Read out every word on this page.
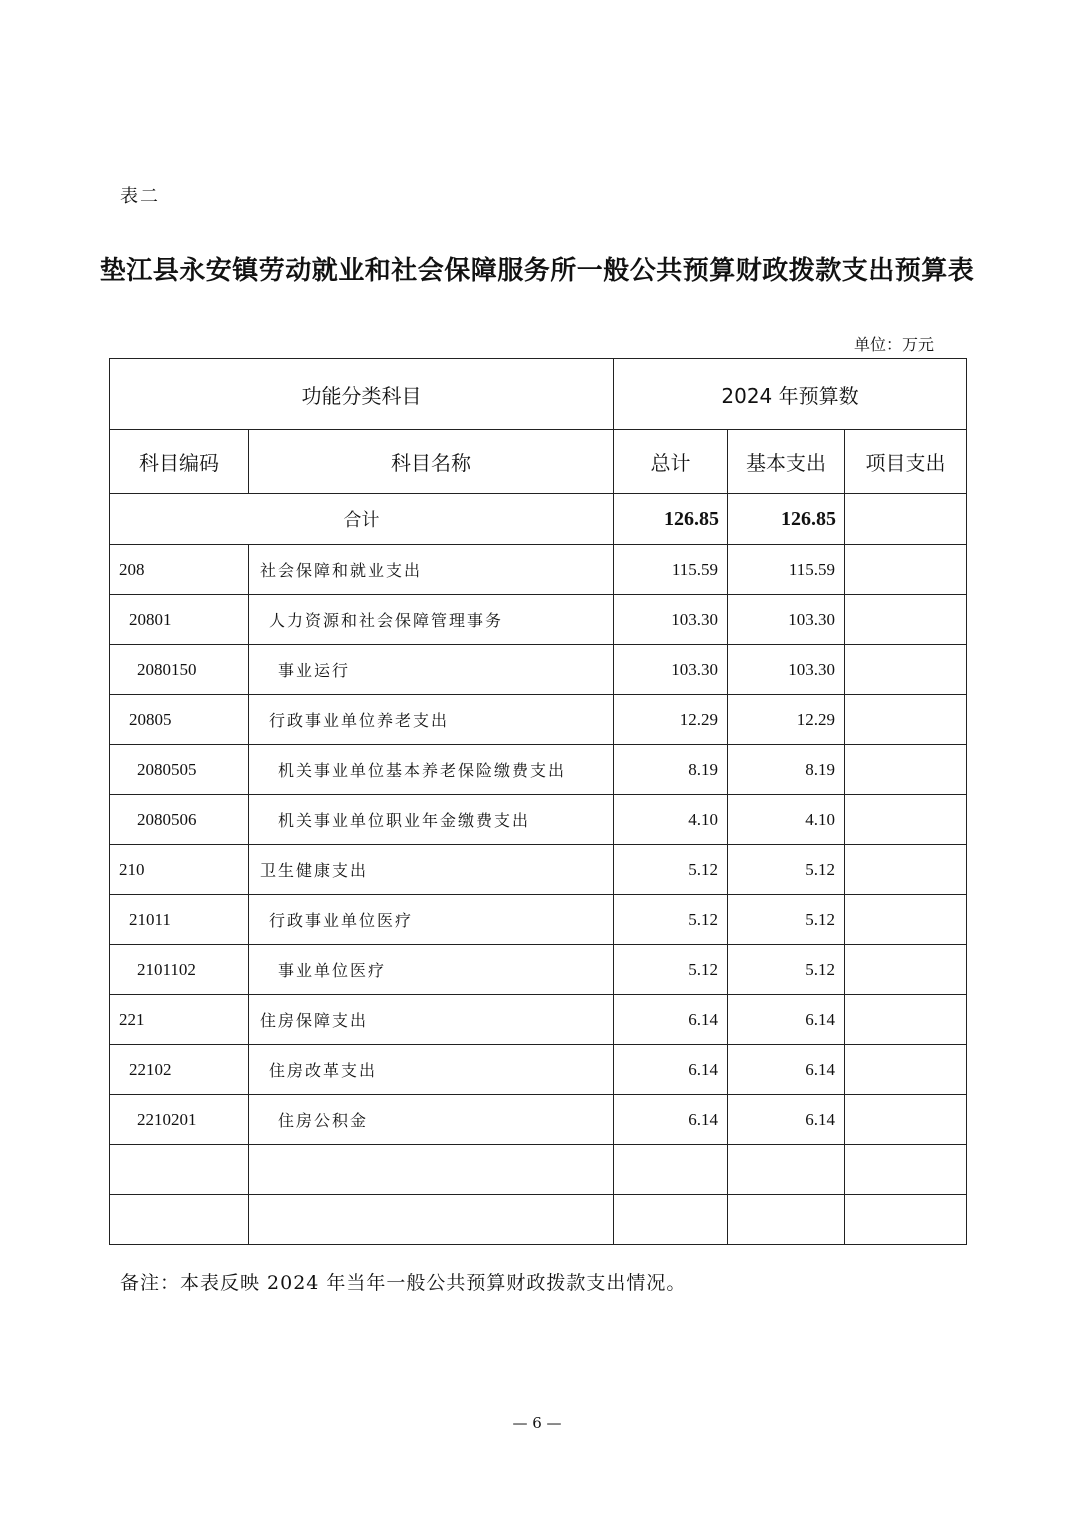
表二
垫江县永安镇劳动就业和社会保障服务所一般公共预算财政拨款支出预算表
单位：万元
功能分类科目		2024 年预算数		
科目编码	科目名称	总计	基本支出	项目支出
合计		126.85	126.85	
208	社会保障和就业支出	115.59	115.59	
20801	人力资源和社会保障管理事务	103.30	103.30	
2080150	事业运行	103.30	103.30	
20805	行政事业单位养老支出	12.29	12.29	
2080505	机关事业单位基本养老保险缴费支出	8.19	8.19	
2080506	机关事业单位职业年金缴费支出	4.10	4.10	
210	卫生健康支出	5.12	5.12	
21011	行政事业单位医疗	5.12	5.12	
2101102	事业单位医疗	5.12	5.12	
221	住房保障支出	6.14	6.14	
22102	住房改革支出	6.14	6.14	
2210201	住房公积金	6.14	6.14	

备注：本表反映 2024 年当年一般公共预算财政拨款支出情况。
— 6 —
